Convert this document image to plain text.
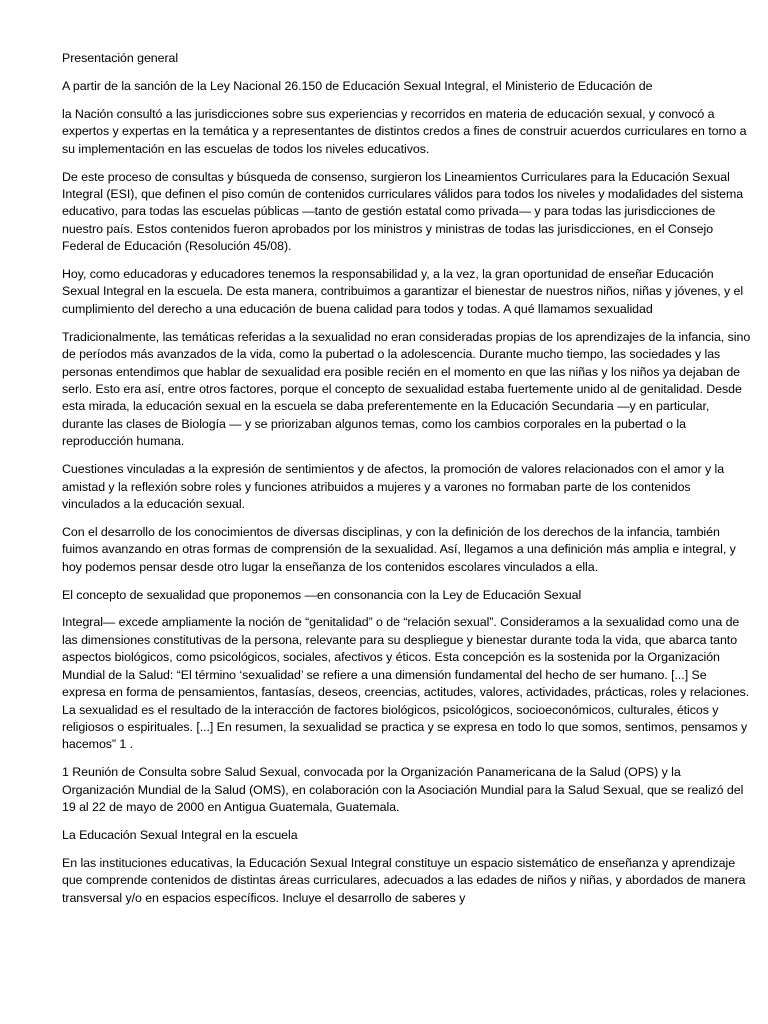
Presentación general

A partir de la sanción de la Ley Nacional 26.150 de Educación Sexual Integral, el Ministerio de Educación de

la Nación consultó a las jurisdicciones sobre sus experiencias y recorridos en materia de educación sexual, y convocó a expertos y expertas en la temática y a representantes de distintos credos a fines de construir acuerdos curriculares en torno a su implementación en las escuelas de todos los niveles educativos.

De este proceso de consultas y búsqueda de consenso, surgieron los Lineamientos Curriculares para la Educación Sexual Integral (ESI), que definen el piso común de contenidos curriculares válidos para todos los niveles y modalidades del sistema educativo, para todas las escuelas públicas —tanto de gestión estatal como privada— y para todas las jurisdicciones de nuestro país. Estos contenidos fueron aprobados por los ministros y ministras de todas las jurisdicciones, en el Consejo Federal de Educación (Resolución 45/08).

Hoy, como educadoras y educadores tenemos la responsabilidad y, a la vez, la gran oportunidad de enseñar Educación Sexual Integral en la escuela. De esta manera, contribuimos a garantizar el bienestar de nuestros niños, niñas y jóvenes, y el cumplimiento del derecho a una educación de buena calidad para todos y todas. A qué llamamos sexualidad

Tradicionalmente, las temáticas referidas a la sexualidad no eran consideradas propias de los aprendizajes de la infancia, sino de períodos más avanzados de la vida, como la pubertad o la adolescencia. Durante mucho tiempo, las sociedades y las personas entendimos que hablar de sexualidad era posible recién en el momento en que las niñas y los niños ya dejaban de serlo. Esto era así, entre otros factores, porque el concepto de sexualidad estaba fuertemente unido al de genitalidad. Desde esta mirada, la educación sexual en la escuela se daba preferentemente en la Educación Secundaria —y en particular, durante las clases de Biología — y se priorizaban algunos temas, como los cambios corporales en la pubertad o la reproducción humana.

Cuestiones vinculadas a la expresión de sentimientos y de afectos, la promoción de valores relacionados con el amor y la amistad y la reflexión sobre roles y funciones atribuidos a mujeres y a varones no formaban parte de los contenidos vinculados a la educación sexual.

Con el desarrollo de los conocimientos de diversas disciplinas, y con la definición de los derechos de la infancia, también fuimos avanzando en otras formas de comprensión de la sexualidad. Así, llegamos a una definición más amplia e integral, y hoy podemos pensar desde otro lugar la enseñanza de los contenidos escolares vinculados a ella.

El concepto de sexualidad que proponemos —en consonancia con la Ley de Educación Sexual

Integral— excede ampliamente la noción de “genitalidad” o de “relación sexual”. Consideramos a la sexualidad como una de las dimensiones constitutivas de la persona, relevante para su despliegue y bienestar durante toda la vida, que abarca tanto aspectos biológicos, como psicológicos, sociales, afectivos y éticos. Esta concepción es la sostenida por la Organización Mundial de la Salud: “El término ‘sexualidad’ se refiere a una dimensión fundamental del hecho de ser humano. [...] Se expresa en forma de pensamientos, fantasías, deseos, creencias, actitudes, valores, actividades, prácticas, roles y relaciones. La sexualidad es el resultado de la interacción de factores biológicos, psicológicos, socioeconómicos, culturales, éticos y religiosos o espirituales. [...] En resumen, la sexualidad se practica y se expresa en todo lo que somos, sentimos, pensamos y hacemos” 1 .

1 Reunión de Consulta sobre Salud Sexual, convocada por la Organización Panamericana de la Salud (OPS) y la Organización Mundial de la Salud (OMS), en colaboración con la Asociación Mundial para la Salud Sexual, que se realizó del 19 al 22 de mayo de 2000 en Antigua Guatemala, Guatemala.

La Educación Sexual Integral en la escuela

En las instituciones educativas, la Educación Sexual Integral constituye un espacio sistemático de enseñanza y aprendizaje que comprende contenidos de distintas áreas curriculares, adecuados a las edades de niños y niñas, y abordados de manera transversal y/o en espacios específicos. Incluye el desarrollo de saberes y
